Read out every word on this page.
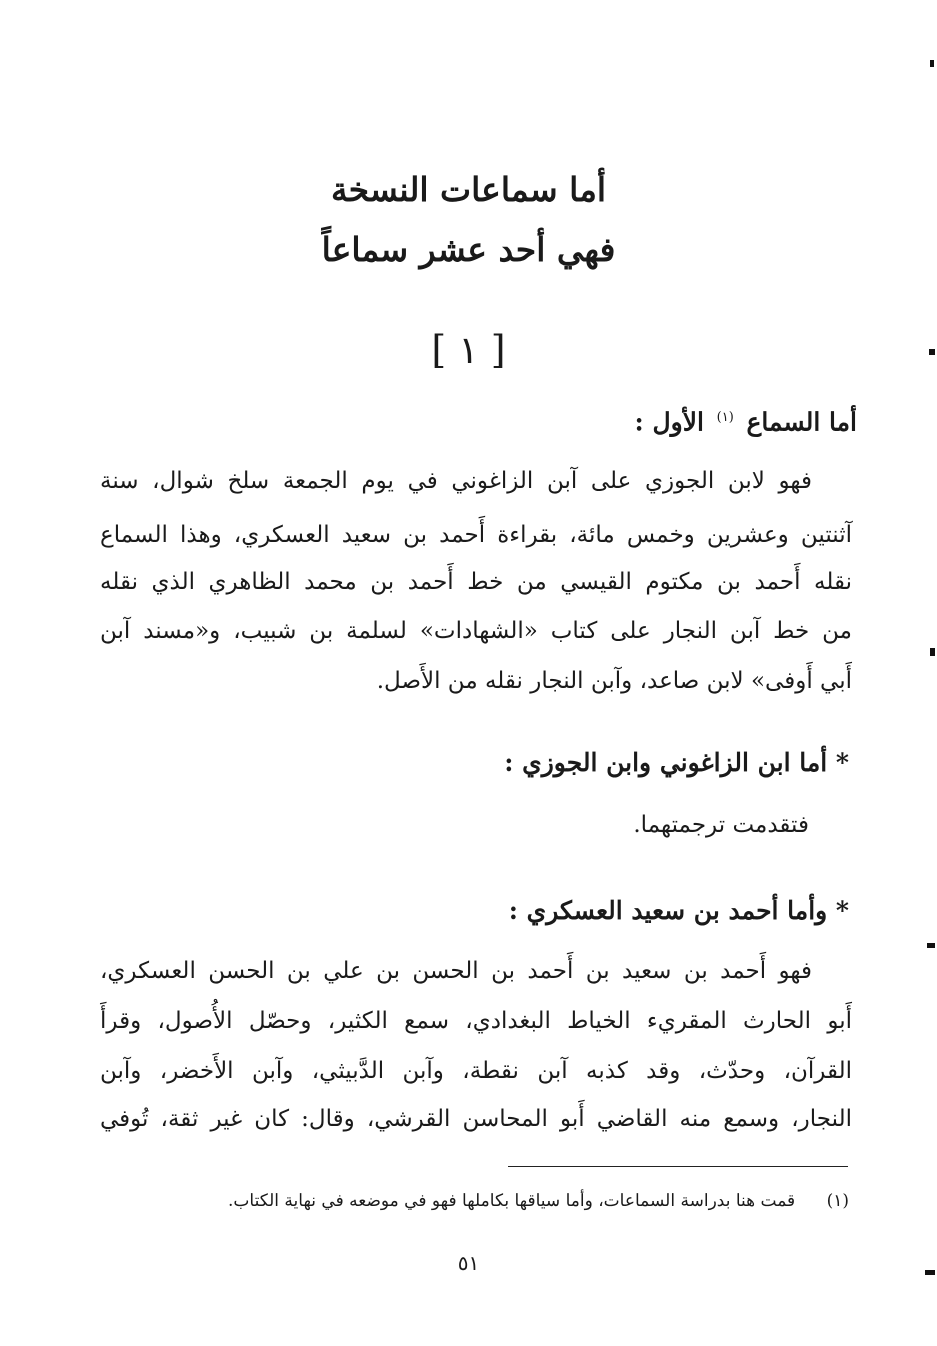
أما سماعات النسخة
فهي أحد عشر سماعاً
[ ١ ]
أما السماع $^{(١)}$ الأول :
فهو لابن الجوزي على آبن الزاغوني في يوم الجمعة سلخ شوال، سنة
آثنتين وعشرين وخمس مائة، بقراءة أَحمد بن سعيد العسكري، وهذا السماع
نقله أَحمد بن مكتوم القيسي من خط أَحمد بن محمد الظاهري الذي نقله
من خط آبن النجار على كتاب «الشهادات» لسلمة بن شبيب، و«مسند آبن
أَبي أَوفى» لابن صاعد، وآبن النجار نقله من الأَصل.
* أما ابن الزاغوني وابن الجوزي :
فتقدمت ترجمتهما.
* وأما أحمد بن سعيد العسكري :
فهو أَحمد بن سعيد بن أَحمد بن الحسن بن علي بن الحسن العسكري،
أَبو الحارث المقريء الخياط البغدادي، سمع الكثير، وحصّل الأُصول، وقرأَ
القرآن، وحدّث، وقد كذبه آبن نقطة، وآبن الدَّبيثي، وآبن الأَخضر، وآبن
النجار، وسمع منه القاضي أَبو المحاسن القرشي، وقال: كان غير ثقة، تُوفي
(١) قمت هنا بدراسة السماعات، وأما سياقها بكاملها فهو في موضعه في نهاية الكتاب.
٥١
